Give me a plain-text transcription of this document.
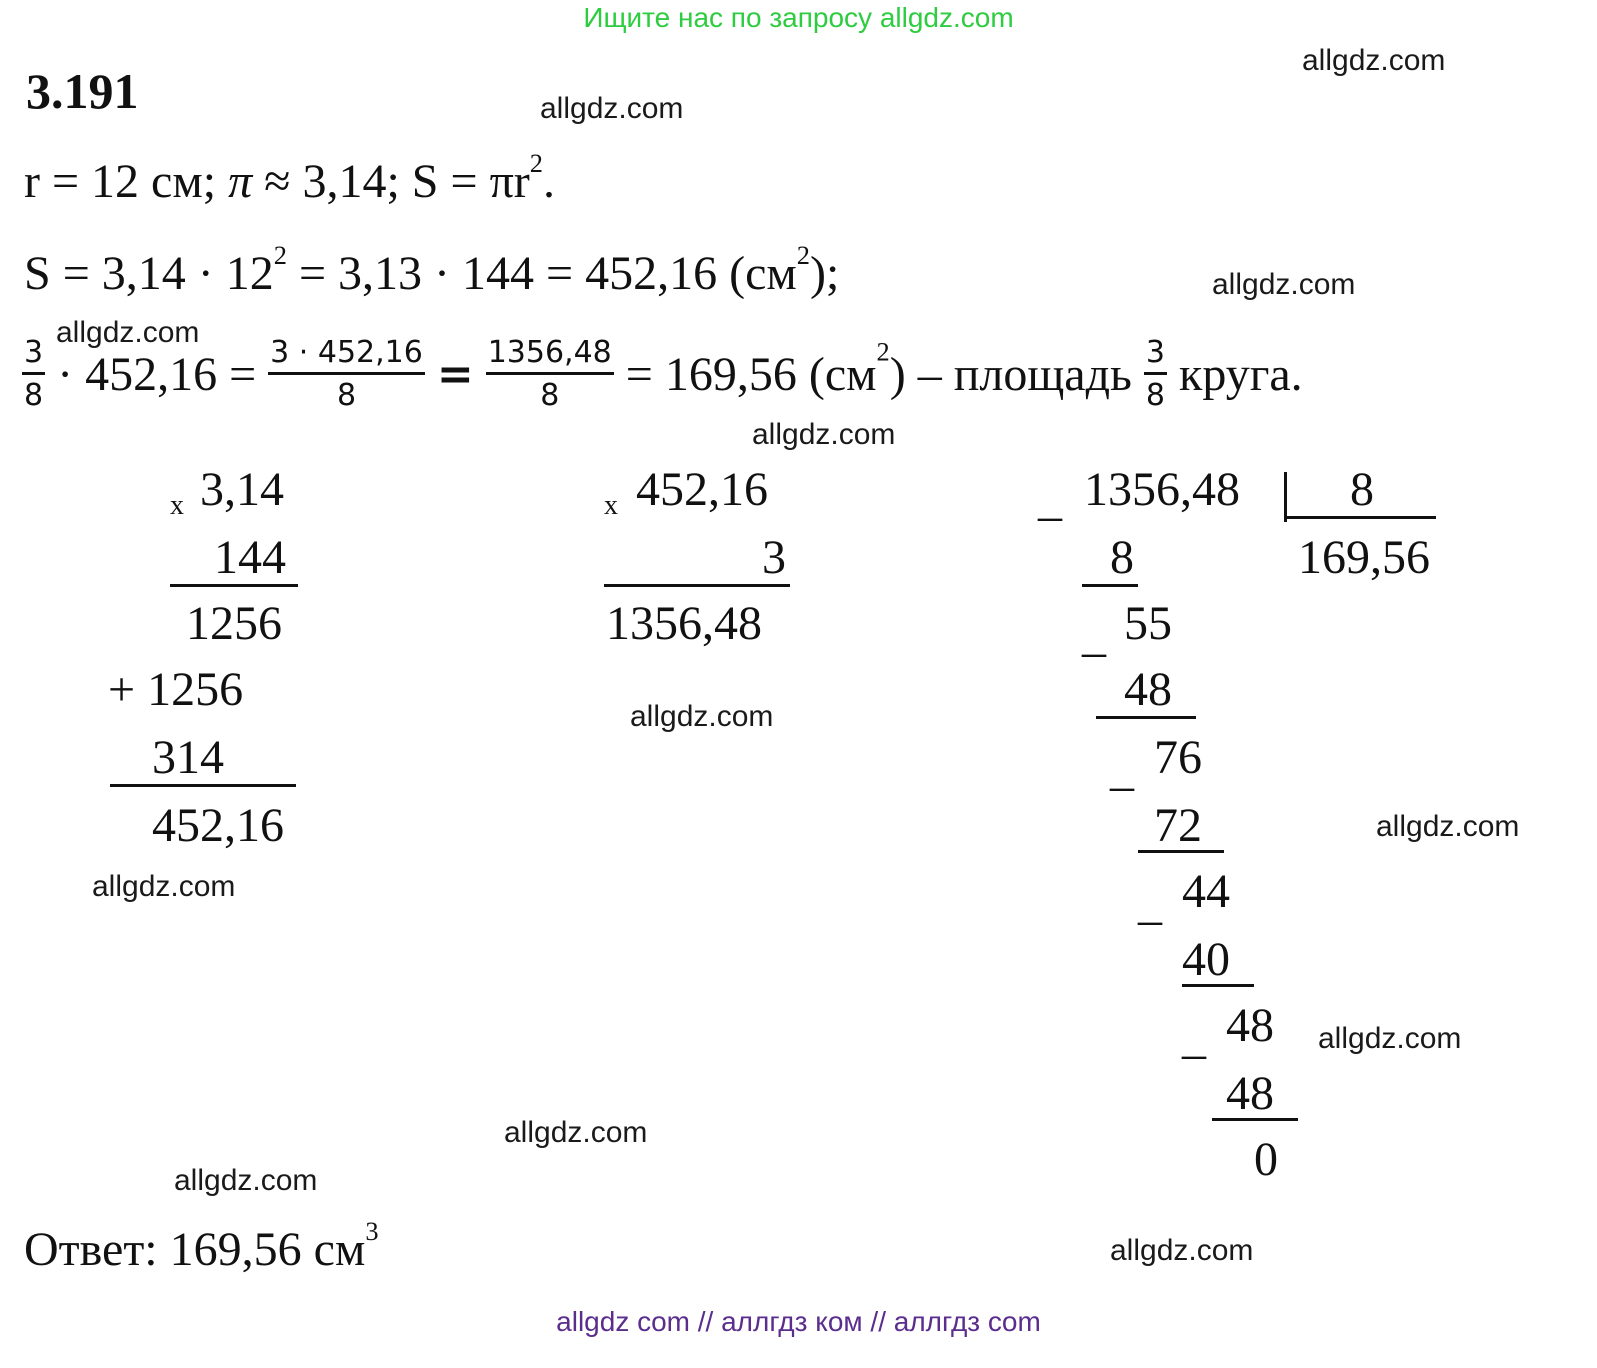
Ищите нас по запросу allgdz.com
allgdz.com
allgdz.com
allgdz.com
allgdz.com
allgdz.com
allgdz.com
allgdz.com
allgdz.com
allgdz.com
allgdz.com
allgdz.com
allgdz.com
3.191
r = 12 см; π ≈ 3,14; $S = \pi r^2$.
$S = 3,14 \cdot 12^2 = 3,13 \cdot 144 = 452,16$ $(см^2)$;
$\frac{3}{8} \cdot 452,16 = \frac{3 \cdot 452,16}{8} = \frac{1356,48}{8} = 169,56$ $(см^2)$ – площадь $\frac{3}{8}$ круга.
x 3,14
144
1256
+ 1256
314
452,16
x 452,16
3
1356,48
_ 1356,48 8
169,56
8
_ 55
48
_ 76
72
_ 44
40
_ 48
48
0
Ответ: 169,56 $см^3$
allgdz com // аллгдз ком // аллгдз com
